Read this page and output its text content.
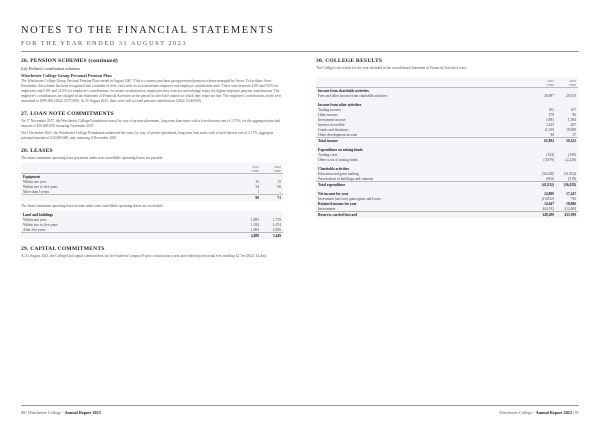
NOTES TO THE FINANCIAL STATEMENTS
FOR THE YEAR ENDED 31 AUGUST 2023
26. PENSION SCHEMES (continued)
(iii) Defined contribution schemes
Winchester College Group Personal Pension Plan

The Winchester College Group Personal Pension Plan started in August 2007. This is a money purchase group personal pension scheme managed by Aviva. To facilitate Auto-Enrolment, this scheme has been recognised into a number of tiers, each with its own minimum employee and employer contribution rates. These vary between 4.0% and 9.0% for employees and 5.0% and 21.0% for employer's contributions. In certain circumstances, employees may exercise an exchange salary for higher employer pension contributions. The employer's contributions are charged in the Statement of Financial Activities in the period in which the salaries to which they relate are due. The employer's contributions in the year amounted to £589,000 (2022: £575,000). At 31 August 2023, there were still accrued pension contributions (2022: £540,000).

27. LOAN NOTE COMMITMENTS

On 17 November 2017, the Winchester College Foundation issued, by way of private placement, long term loan notes with a fixed interest rate of 2.75%, for the aggregate principal amount of £50,000,000, maturing November 2047.

On 4 December 2021, the Winchester College Foundation authorised the issue, by way of private placement, long term loan notes with a fixed interest rate of 2.17%, aggregate principal amount of £25,000,000, and, maturing 6 December 2061.

28. LEASES

The future minimum operating lease payments under non-cancellable operating leases are payable:

	2023
£'000	2022
£'000
Equipment		
Within one year	35	15
Within two to five years	54	56
More than 5 years	1	–
	90	71

The future minimum operating lease income under non-cancellable operating leases are receivable:

Land and buildings		
Within one year	1,895	1,719
Within two to five years	1,924	1,674
After five years	1,069	2,056
	4,888	5,449
29. CAPITAL COMMITMENTS

At 31 August 2023, the College had capital commitments for the Southern Campus Project construction works and related professional fees totalling £2.7m (2022: £4.4m).

30. COLLEGE RESULTS

The College's net results for the year included in the consolidated Statement of Financial Activities were:

	2023
£'000	2022
£'000
Income from charitable activities		
Fees and other income from charitable activities	30,687	29,013

Income from other activities		
Trading income	102	107
Other income	278	96
Investment income	3,893	1,584
Interest receivable	3,435	207
Grants and donations	11,359	18,508
Other development income	98	37
Total income	65,892	50,222

Expenditure on raising funds		
Trading costs	(123)	(109)
Other costs of raising funds	(3,879)	(2,226)

Charitable activities		
Education and grant making	(36,438)	(31,924)
Preservation of buildings and contents	(892)	(518)
Total expenditure	(41,832)	(36,458)

Net income for year	24,800	17,247
Investment (net loss) gains/gains and losses	(10,852)	756
Retained income for year	14,047	18,606
Investments	444,193	412,684
Reserves carried forward	348,200	433,599
88 | Winchester College - Annual Report 2023	Winchester College - Annual Report 2023 | 91
